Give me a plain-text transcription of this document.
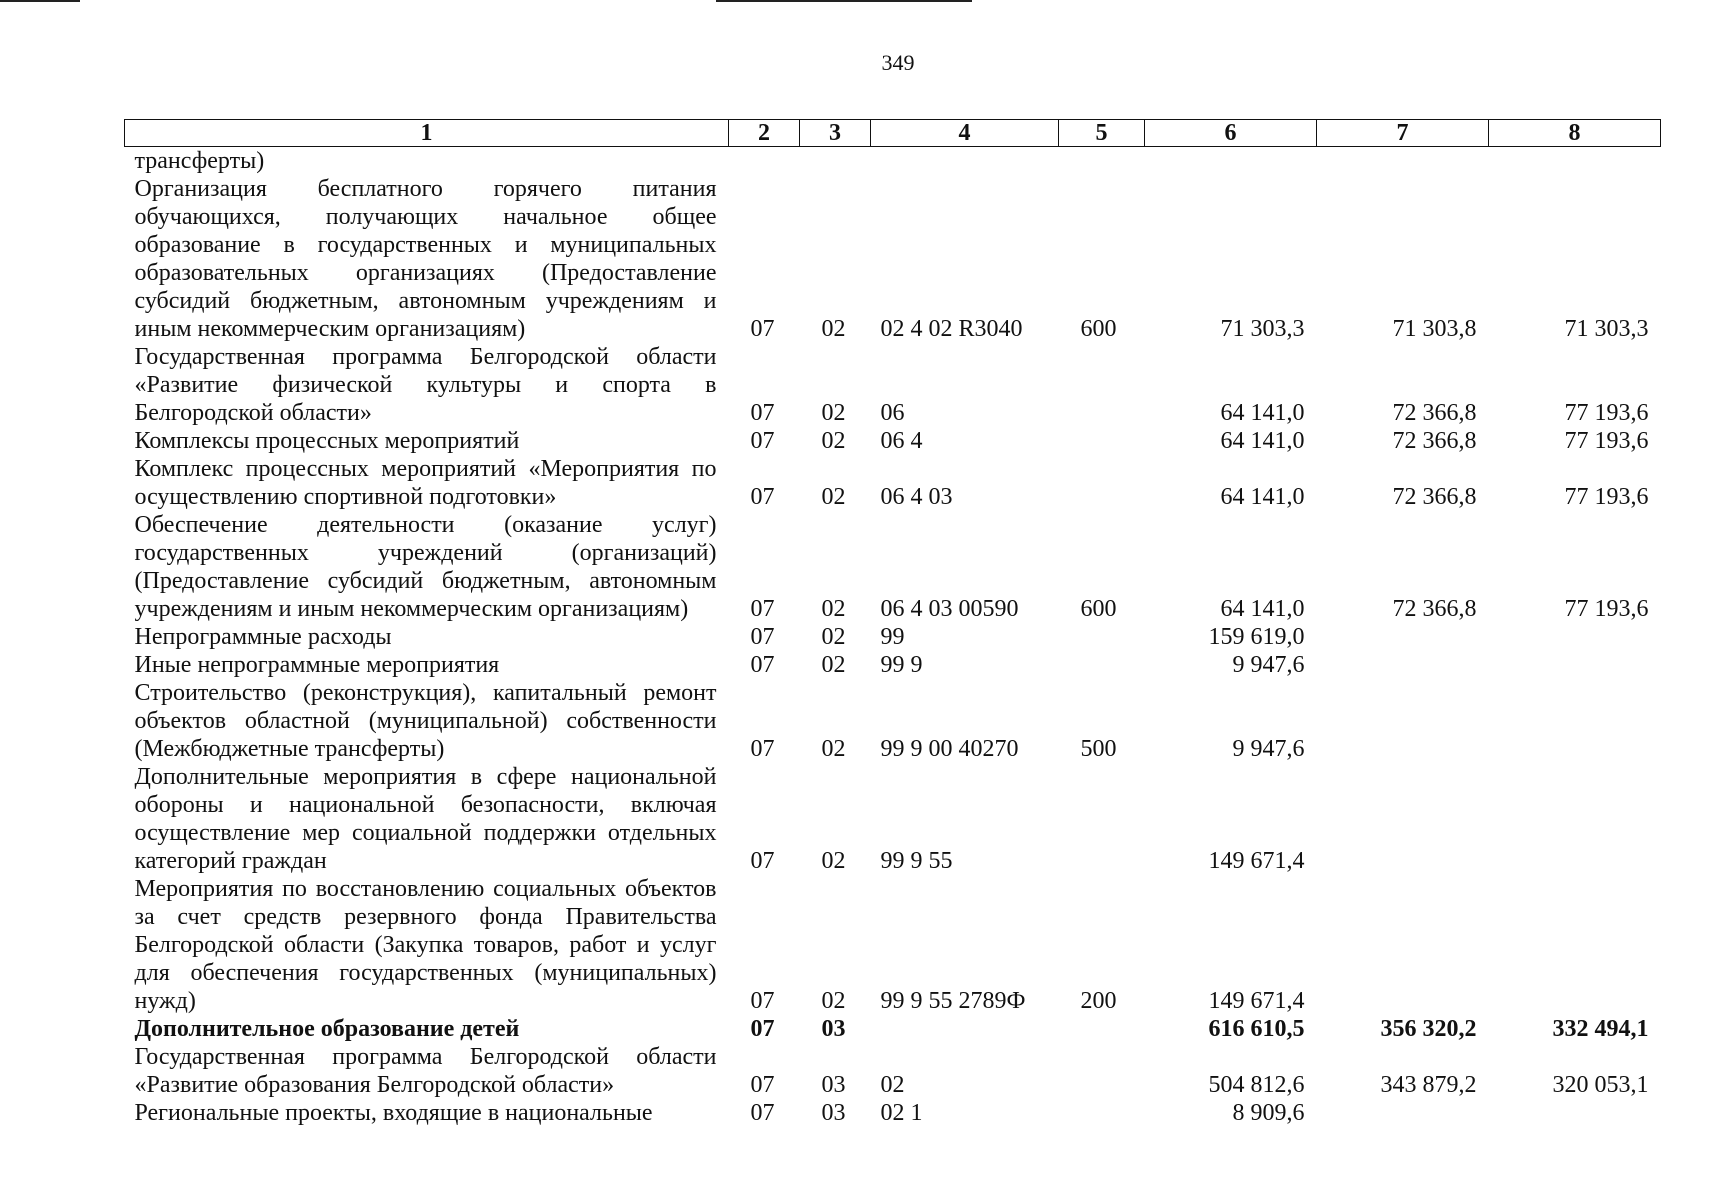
349
1	2	3	4	5	6	7	8
трансферты)							
Организация бесплатного горячего питания обучающихся, получающих начальное общее образование в государственных и муниципальных образовательных организациях (Предоставление субсидий бюджетным, автономным учреждениям и иным некоммерческим организациям)	07	02	02 4 02 R3040	600	71 303,3	71 303,8	71 303,3
Государственная программа Белгородской области «Развитие физической культуры и спорта в Белгородской области»	07	02	06		64 141,0	72 366,8	77 193,6
Комплексы процессных мероприятий	07	02	06 4		64 141,0	72 366,8	77 193,6
Комплекс процессных мероприятий «Мероприятия по осуществлению спортивной подготовки»	07	02	06 4 03		64 141,0	72 366,8	77 193,6
Обеспечение деятельности (оказание услуг) государственных учреждений (организаций) (Предоставление субсидий бюджетным, автономным учреждениям и иным некоммерческим организациям)	07	02	06 4 03 00590	600	64 141,0	72 366,8	77 193,6
Непрограммные расходы	07	02	99		159 619,0		
Иные непрограммные мероприятия	07	02	99 9		9 947,6		
Строительство (реконструкция), капитальный ремонт объектов областной (муниципальной) собственности (Межбюджетные трансферты)	07	02	99 9 00 40270	500	9 947,6		
Дополнительные мероприятия в сфере национальной обороны и национальной безопасности, включая осуществление мер социальной поддержки отдельных категорий граждан	07	02	99 9 55		149 671,4		
Мероприятия по восстановлению социальных объектов за счет средств резервного фонда Правительства Белгородской области (Закупка товаров, работ и услуг для обеспечения государственных (муниципальных) нужд)	07	02	99 9 55 2789Ф	200	149 671,4		
Дополнительное образование детей	07	03			616 610,5	356 320,2	332 494,1
Государственная программа Белгородской области «Развитие образования Белгородской области»	07	03	02		504 812,6	343 879,2	320 053,1
Региональные проекты, входящие в национальные	07	03	02 1		8 909,6		
